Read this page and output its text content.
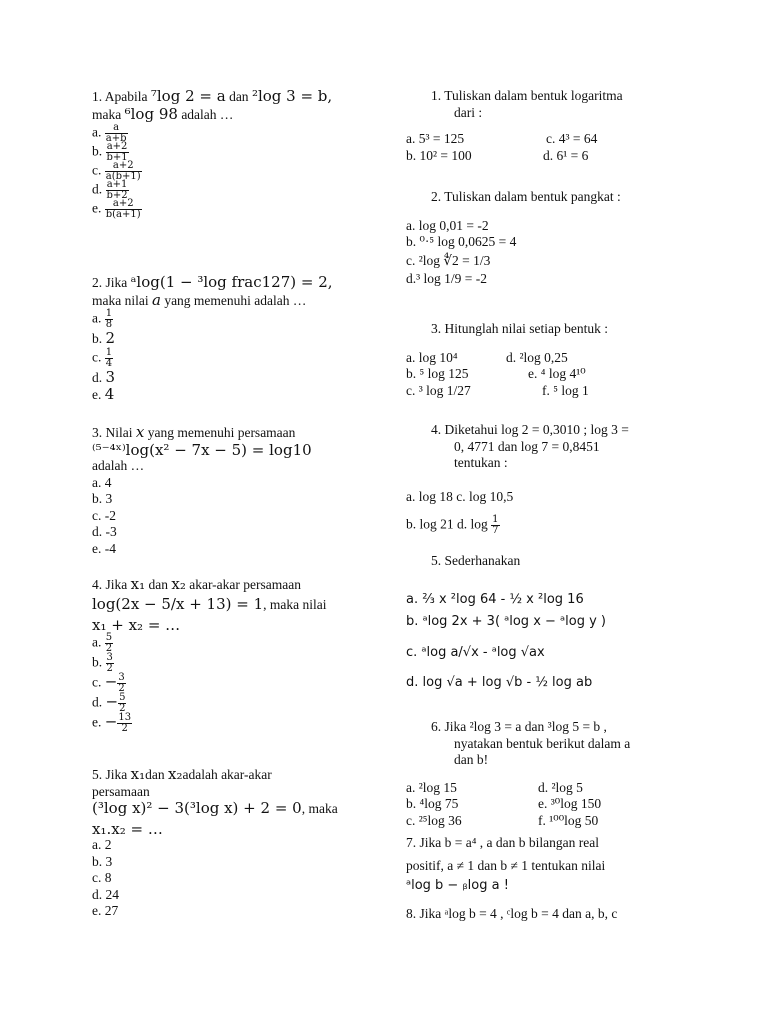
1. Apabila ⁷log 2 = a dan ²log 3 = b,
maka ⁶log 98 adalah …
a. $\frac{a}{a+b}$
b. $\frac{a+2}{b+1}$
c. $\frac{a+2}{a(b+1)}$
d. $\frac{a+1}{b+2}$
e. $\frac{a+2}{b(a+1)}$
2. Jika ᵃlog(1 − ³log frac127) = 2,
maka nilai a yang memenuhi adalah …
a. $\frac{1}{8}$
b. 2
c. $\frac{1}{4}$
d. 3
e. 4
3. Nilai x yang memenuhi persamaan
⁽⁵⁻⁴ˣ⁾log(x² − 7x − 5) = log10
adalah …
a. 4
b. 3
c. -2
d. -3
e. -4
4. Jika x₁ dan x₂ akar-akar persamaan
log(2x − 5/x + 13) = 1, maka nilai
x₁ + x₂ = …
a. $\frac{5}{2}$
b. $\frac{3}{2}$
c. − $\frac{3}{2}$
d. − $\frac{5}{2}$
e. − $\frac{13}{2}$
5. Jika x₁dan x₂adalah akar-akar
persamaan
(³log x)² − 3(³log x) + 2 = 0, maka
x₁.x₂ = …
a. 2
b. 3
c. 8
d. 24
e. 27
1. Tuliskan dalam bentuk logaritma
dari :
a. 5³ = 125	c. 4³ = 64
b. 10² = 100	d. 6¹ = 6
2. Tuliskan dalam bentuk pangkat :
a. log 0,01 = -2
b. ⁰·⁵ log 0,0625 = 4
c. ²log ∜2 = 1/3
d.³ log 1/9 = -2
3. Hitunglah nilai setiap bentuk :
a. log 10⁴	d. ²log 0,25
b. ⁵ log 125	e. ⁴ log 4¹⁰
c. ³ log 1/27	f. ⁵ log 1
4. Diketahui log 2 = 0,3010 ; log 3 =
0, 4771 dan log 7 = 0,8451
tentukan :
a. log 18 c. log 10,5
b. log 21 d. $\log \frac{1}{7}$
5. Sederhanakan
a. ⅔ x ²log 64 - ½ x ²log 16
b. ᵃlog 2x + 3( ᵃlog x − ᵃlog y )
c. ᵃlog a/√x - ᵃlog √ax
d. log √a + log √b - ½ log ab
6. Jika ²log 3 = a dan ³log 5 = b ,
nyatakan bentuk berikut dalam a
dan b!
a. ²log 15	d. ²log 5
b. ⁴log 75	e. ³⁰log 150
c. ²⁵log 36	f. ¹⁰⁰log 50
7. Jika b = a⁴ , a dan b bilangan real
positif, a ≠ 1 dan b ≠ 1 tentukan nilai
ᵃlog b − ᵦlog a !
8. Jika ᵃlog b = 4 , ᶜlog b = 4 dan a, b, c
